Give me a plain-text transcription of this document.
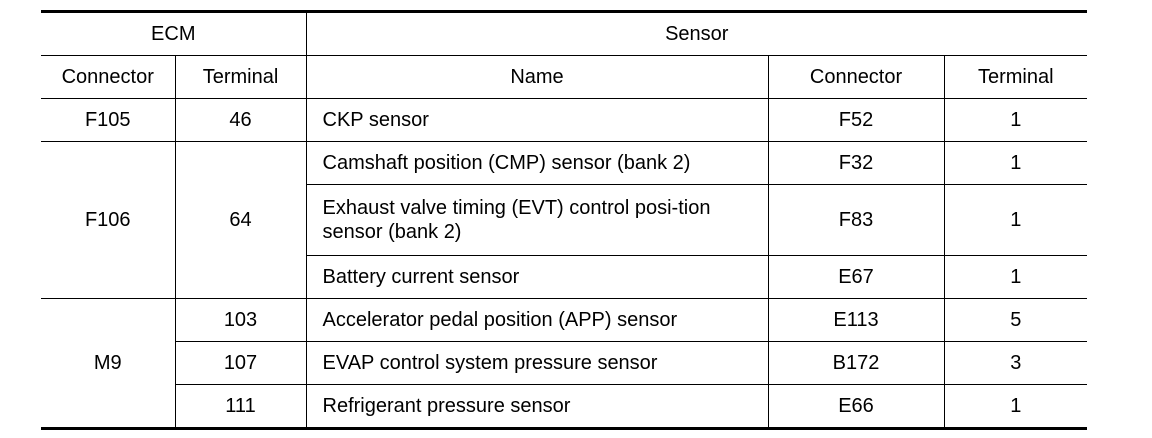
ECM		Sensor		
Connector	Terminal	Name	Connector	Terminal
F105	46	CKP sensor	F52	1
F106	64	Camshaft position (CMP) sensor (bank 2)	F32	1

		Exhaust valve timing (EVT) control posi-tion sensor (bank 2)	F83	1
		Battery current sensor	E67	1
M9	103	Accelerator pedal position (APP) sensor	E113	5
	107	EVAP control system pressure sensor	B172	3
	111	Refrigerant pressure sensor	E66	1
